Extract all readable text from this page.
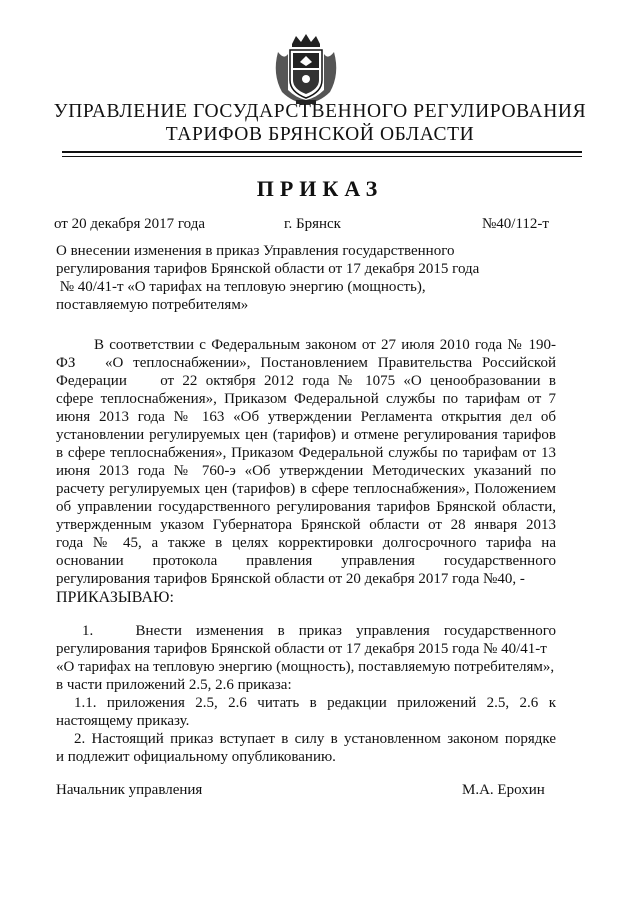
УПРАВЛЕНИЕ ГОСУДАРСТВЕННОГО РЕГУЛИРОВАНИЯ
ТАРИФОВ БРЯНСКОЙ ОБЛАСТИ
ПРИКАЗ
от 20 декабря 2017 года	г. Брянск	№40/112-т
О внесении изменения в приказ Управления государственного
регулирования тарифов Брянской области от 17 декабря 2015 года
№ 40/41-т «О тарифах на тепловую энергию (мощность),
поставляемую потребителям»
В соответствии с Федеральным законом от 27 июля 2010 года № 190-
ФЗ   «О теплоснабжении», Постановлением Правительства Российской
Федерации    от 22 октября 2012 года № 1075 «О ценообразовании в
сфере теплоснабжения», Приказом Федеральной службы по тарифам от 7
июня 2013 года № 163 «Об утверждении Регламента открытия дел об
установлении регулируемых цен (тарифов) и отмене регулирования тарифов
в сфере теплоснабжения», Приказом Федеральной службы по тарифам от 13
июня 2013 года № 760-э «Об утверждении Методических указаний по
расчету регулируемых цен (тарифов) в сфере теплоснабжения», Положением
об управлении государственного регулирования тарифов Брянской области,
утвержденным указом Губернатора Брянской области от 28 января 2013
года № 45, а также в целях корректировки долгосрочного тарифа на
основании протокола правления управления государственного
регулирования тарифов Брянской области от 20 декабря 2017 года №40, -
ПРИКАЗЫВАЮ:
1.   Внести изменения в приказ управления государственного
регулирования тарифов Брянской области от 17 декабря 2015 года № 40/41-т
«О тарифах на тепловую энергию (мощность), поставляемую потребителям»,
в части приложений 2.5, 2.6 приказа:
1.1. приложения 2.5, 2.6 читать в редакции приложений 2.5, 2.6 к
настоящему приказу.
2. Настоящий приказ вступает в силу в установленном законом порядке
и подлежит официальному опубликованию.
Начальник управления	М.А. Ерохин
